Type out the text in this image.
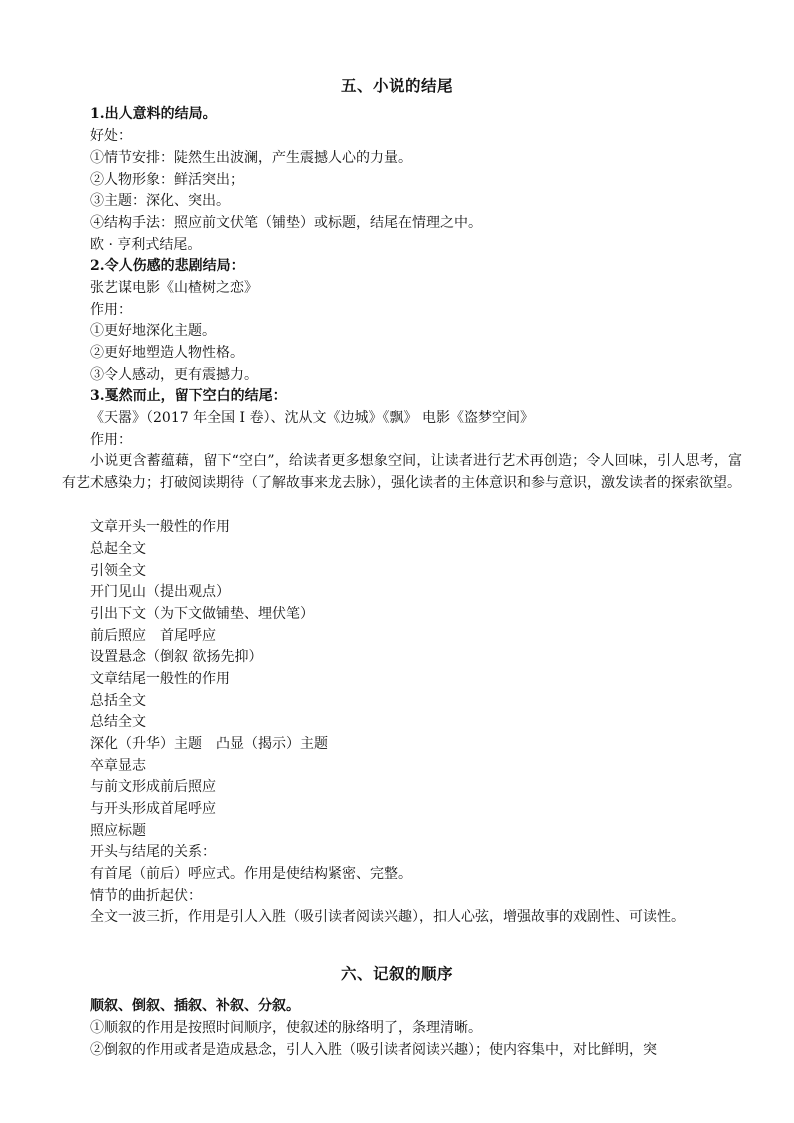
五、小说的结尾
1.出人意料的结局。
好处：
①情节安排：陡然生出波澜，产生震撼人心的力量。
②人物形象：鲜活突出；
③主题：深化、突出。
④结构手法：照应前文伏笔（铺垫）或标题，结尾在情理之中。
欧 · 亨利式结尾。
2.令人伤感的悲剧结局：
张艺谋电影《山楂树之恋》
作用：
①更好地深化主题。
②更好地塑造人物性格。
③令人感动，更有震撼力。
3.戛然而止，留下空白的结尾：
《天嚣》（2017 年全国 I 卷）、沈从文《边城》《飘》 电影《盗梦空间》
作用：
小说更含蓄蕴藉，留下“空白”，给读者更多想象空间，让读者进行艺术再创造；令人回味，引人思考，富有艺术感染力；打破阅读期待（了解故事来龙去脉），强化读者的主体意识和参与意识，激发读者的探索欲望。
文章开头一般性的作用
总起全文
引领全文
开门见山（提出观点）
引出下文（为下文做铺垫、埋伏笔）
前后照应　首尾呼应
设置悬念（倒叙 欲扬先抑）
文章结尾一般性的作用
总括全文
总结全文
深化（升华）主题　凸显（揭示）主题
卒章显志
与前文形成前后照应
与开头形成首尾呼应
照应标题
开头与结尾的关系：
有首尾（前后）呼应式。作用是使结构紧密、完整。
情节的曲折起伏：
全文一波三折，作用是引人入胜（吸引读者阅读兴趣），扣人心弦，增强故事的戏剧性、可读性。
六、记叙的顺序
顺叙、倒叙、插叙、补叙、分叙。
①顺叙的作用是按照时间顺序，使叙述的脉络明了，条理清晰。
②倒叙的作用或者是造成悬念，引人入胜（吸引读者阅读兴趣）；使内容集中，对比鲜明，突
